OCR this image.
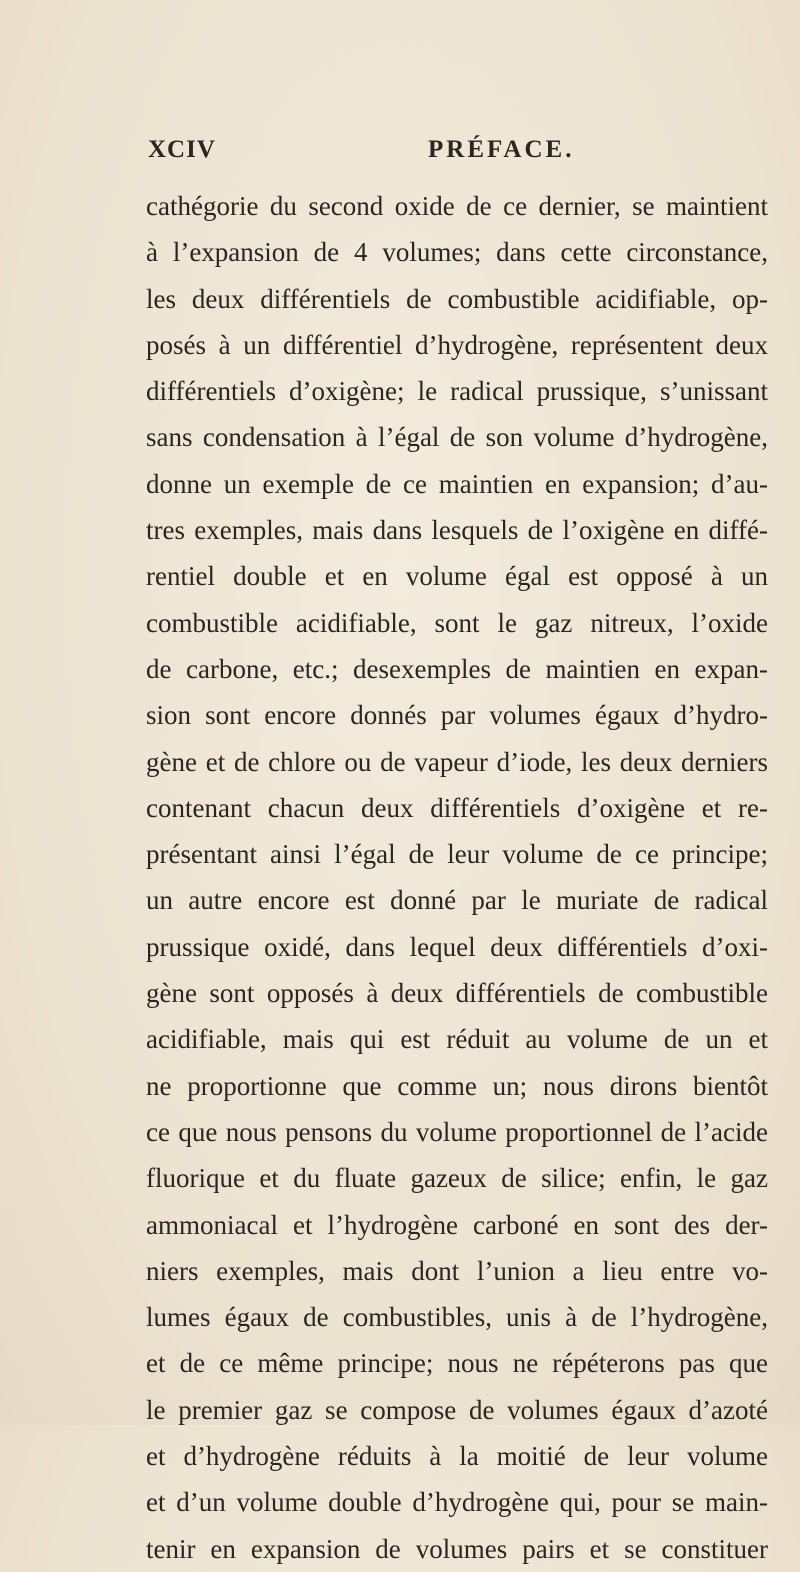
XCIV	PRÉFACE.
cathégorie du second oxide de ce dernier, se maintient
à l’expansion de 4 volumes; dans cette circonstance,
les deux différentiels de combustible acidifiable, op-
posés à un différentiel d’hydrogène, représentent deux
différentiels d’oxigène; le radical prussique, s’unissant
sans condensation à l’égal de son volume d’hydrogène,
donne un exemple de ce maintien en expansion; d’au-
tres exemples, mais dans lesquels de l’oxigène en diffé-
rentiel double et en volume égal est opposé à un
combustible acidifiable, sont le gaz nitreux, l’oxide
de carbone, etc.; desexemples de maintien en expan-
sion sont encore donnés par volumes égaux d’hydro-
gène et de chlore ou de vapeur d’iode, les deux derniers
contenant chacun deux différentiels d’oxigène et re-
présentant ainsi l’égal de leur volume de ce principe;
un autre encore est donné par le muriate de radical
prussique oxidé, dans lequel deux différentiels d’oxi-
gène sont opposés à deux différentiels de combustible
acidifiable, mais qui est réduit au volume de un et
ne proportionne que comme un; nous dirons bientôt
ce que nous pensons du volume proportionnel de l’acide
fluorique et du fluate gazeux de silice; enfin, le gaz
ammoniacal et l’hydrogène carboné en sont des der-
niers exemples, mais dont l’union a lieu entre vo-
lumes égaux de combustibles, unis à de l’hydrogène,
et de ce même principe; nous ne répéterons pas que
le premier gaz se compose de volumes égaux d’azoté
et d’hydrogène réduits à la moitié de leur volume
et d’un volume double d’hydrogène qui, pour se main-
tenir en expansion de volumes pairs et se constituer
